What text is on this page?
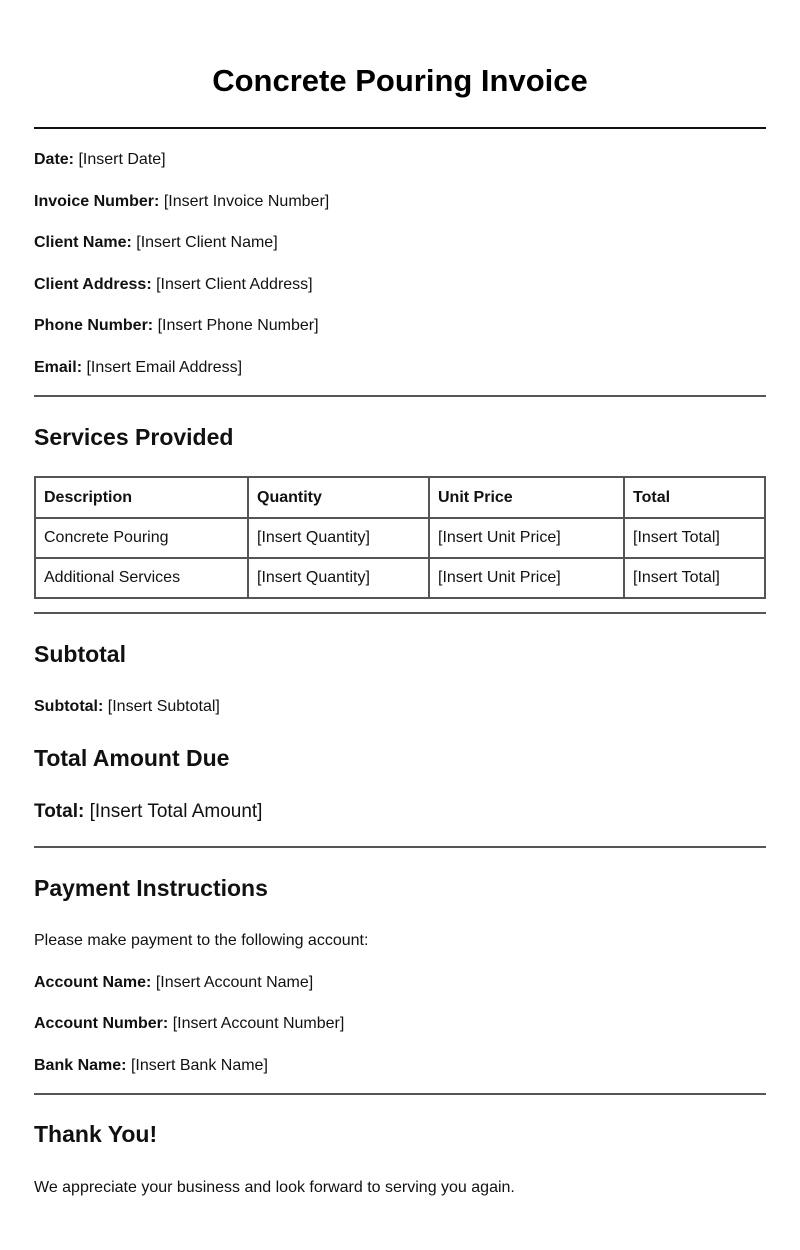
Concrete Pouring Invoice
Date: [Insert Date]
Invoice Number: [Insert Invoice Number]
Client Name: [Insert Client Name]
Client Address: [Insert Client Address]
Phone Number: [Insert Phone Number]
Email: [Insert Email Address]
Services Provided
Description	Quantity	Unit Price	Total
Concrete Pouring	[Insert Quantity]	[Insert Unit Price]	[Insert Total]
Additional Services	[Insert Quantity]	[Insert Unit Price]	[Insert Total]
Subtotal
Subtotal: [Insert Subtotal]
Total Amount Due
Total: [Insert Total Amount]
Payment Instructions
Please make payment to the following account:
Account Name: [Insert Account Name]
Account Number: [Insert Account Number]
Bank Name: [Insert Bank Name]
Thank You!
We appreciate your business and look forward to serving you again.
